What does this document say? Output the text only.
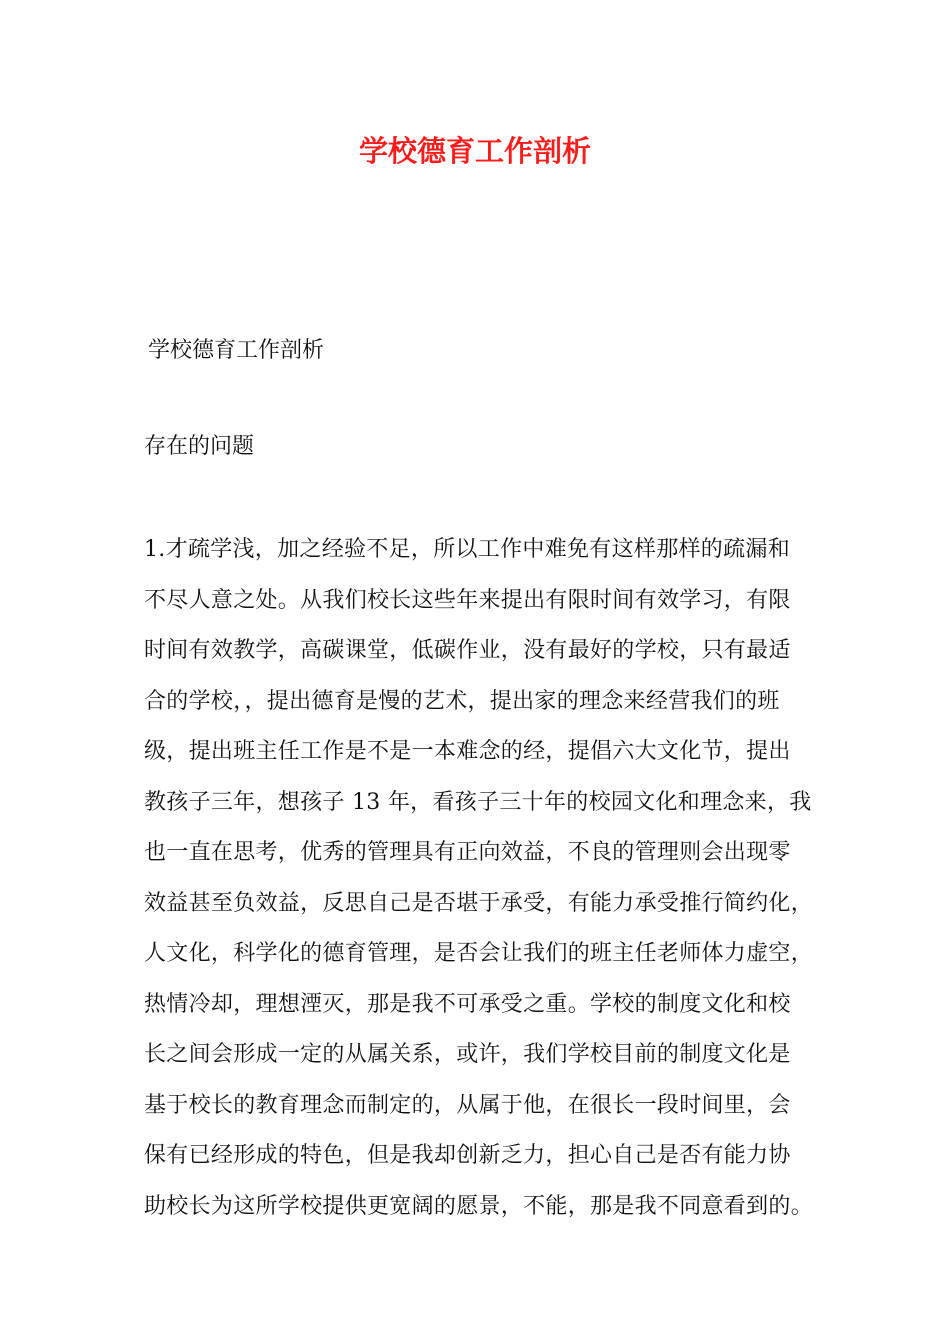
学校德育工作剖析
学校德育工作剖析
存在的问题
1.才疏学浅，加之经验不足，所以工作中难免有这样那样的疏漏和
不尽人意之处。从我们校长这些年来提出有限时间有效学习，有限
时间有效教学，高碳课堂，低碳作业，没有最好的学校，只有最适
合的学校，，提出德育是慢的艺术，提出家的理念来经营我们的班
级，提出班主任工作是不是一本难念的经，提倡六大文化节，提出
教孩子三年，想孩子 13 年，看孩子三十年的校园文化和理念来，我
也一直在思考，优秀的管理具有正向效益，不良的管理则会出现零
效益甚至负效益，反思自己是否堪于承受，有能力承受推行简约化，
人文化，科学化的德育管理，是否会让我们的班主任老师体力虚空，
热情冷却，理想湮灭，那是我不可承受之重。学校的制度文化和校
长之间会形成一定的从属关系，或许，我们学校目前的制度文化是
基于校长的教育理念而制定的，从属于他，在很长一段时间里，会
保有已经形成的特色，但是我却创新乏力，担心自己是否有能力协
助校长为这所学校提供更宽阔的愿景，不能，那是我不同意看到的。
